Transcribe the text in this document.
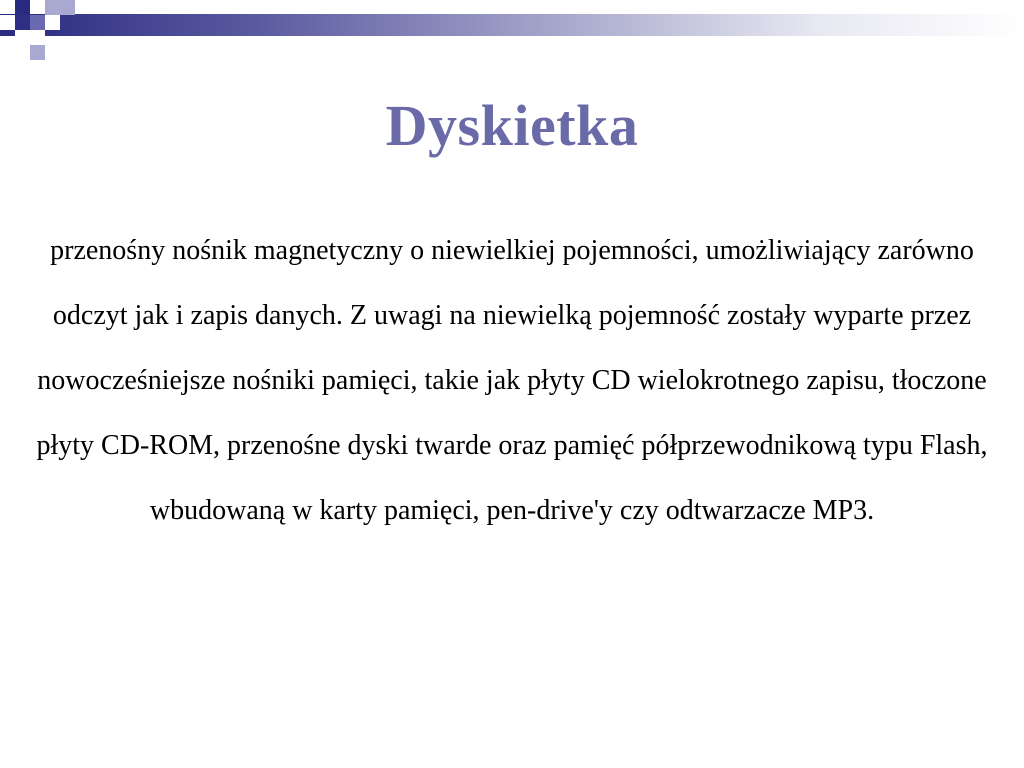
Dyskietka

przenośny nośnik magnetyczny o niewielkiej pojemności, umożliwiający zarówno odczyt jak i zapis danych. Z uwagi na niewielką pojemność zostały wyparte przez nowocześniejsze nośniki pamięci, takie jak płyty CD wielokrotnego zapisu, tłoczone płyty CD-ROM, przenośne dyski twarde oraz pamięć półprzewodnikową typu Flash, wbudowaną w karty pamięci, pen-drive'y czy odtwarzacze MP3.
